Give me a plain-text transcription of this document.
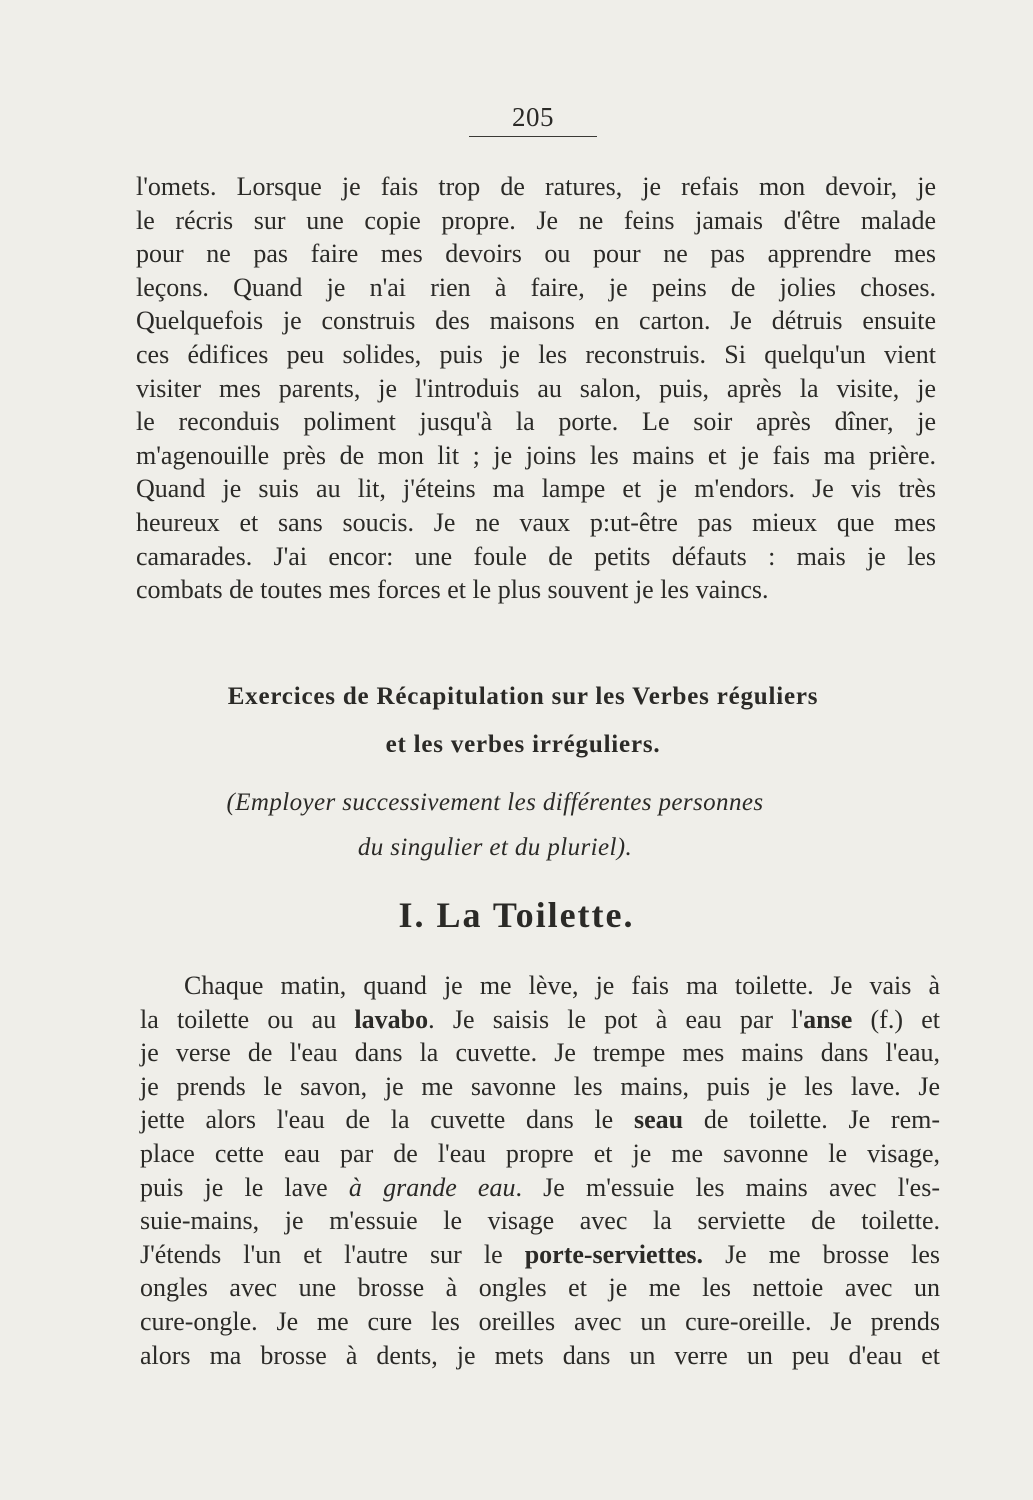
205
l'omets. Lorsque je fais trop de ratures, je refais mon devoir, je
le récris sur une copie propre. Je ne feins jamais d'être malade
pour ne pas faire mes devoirs ou pour ne pas apprendre mes
leçons. Quand je n'ai rien à faire, je peins de jolies choses.
Quelquefois je construis des maisons en carton. Je détruis ensuite
ces édifices peu solides, puis je les reconstruis. Si quelqu'un vient
visiter mes parents, je l'introduis au salon, puis, après la visite, je
le reconduis poliment jusqu'à la porte. Le soir après dîner, je
m'agenouille près de mon lit ; je joins les mains et je fais ma prière.
Quand je suis au lit, j'éteins ma lampe et je m'endors. Je vis très
heureux et sans soucis. Je ne vaux p:ut-être pas mieux que mes
camarades. J'ai encor: une foule de petits défauts : mais je les
combats de toutes mes forces et le plus souvent je les vaincs.
Exercices de Récapitulation sur les Verbes réguliers
et les verbes irréguliers.
(Employer successivement les différentes personnes
du singulier et du pluriel).
I. La Toilette.
Chaque matin, quand je me lève, je fais ma toilette. Je vais à
la toilette ou au lavabo. Je saisis le pot à eau par l'anse (f.) et
je verse de l'eau dans la cuvette. Je trempe mes mains dans l'eau,
je prends le savon, je me savonne les mains, puis je les lave. Je
jette alors l'eau de la cuvette dans le seau de toilette. Je rem-
place cette eau par de l'eau propre et je me savonne le visage,
puis je le lave à grande eau. Je m'essuie les mains avec l'es-
suie-mains, je m'essuie le visage avec la serviette de toilette.
J'étends l'un et l'autre sur le porte-serviettes. Je me brosse les
ongles avec une brosse à ongles et je me les nettoie avec un
cure-ongle. Je me cure les oreilles avec un cure-oreille. Je prends
alors ma brosse à dents, je mets dans un verre un peu d'eau et
